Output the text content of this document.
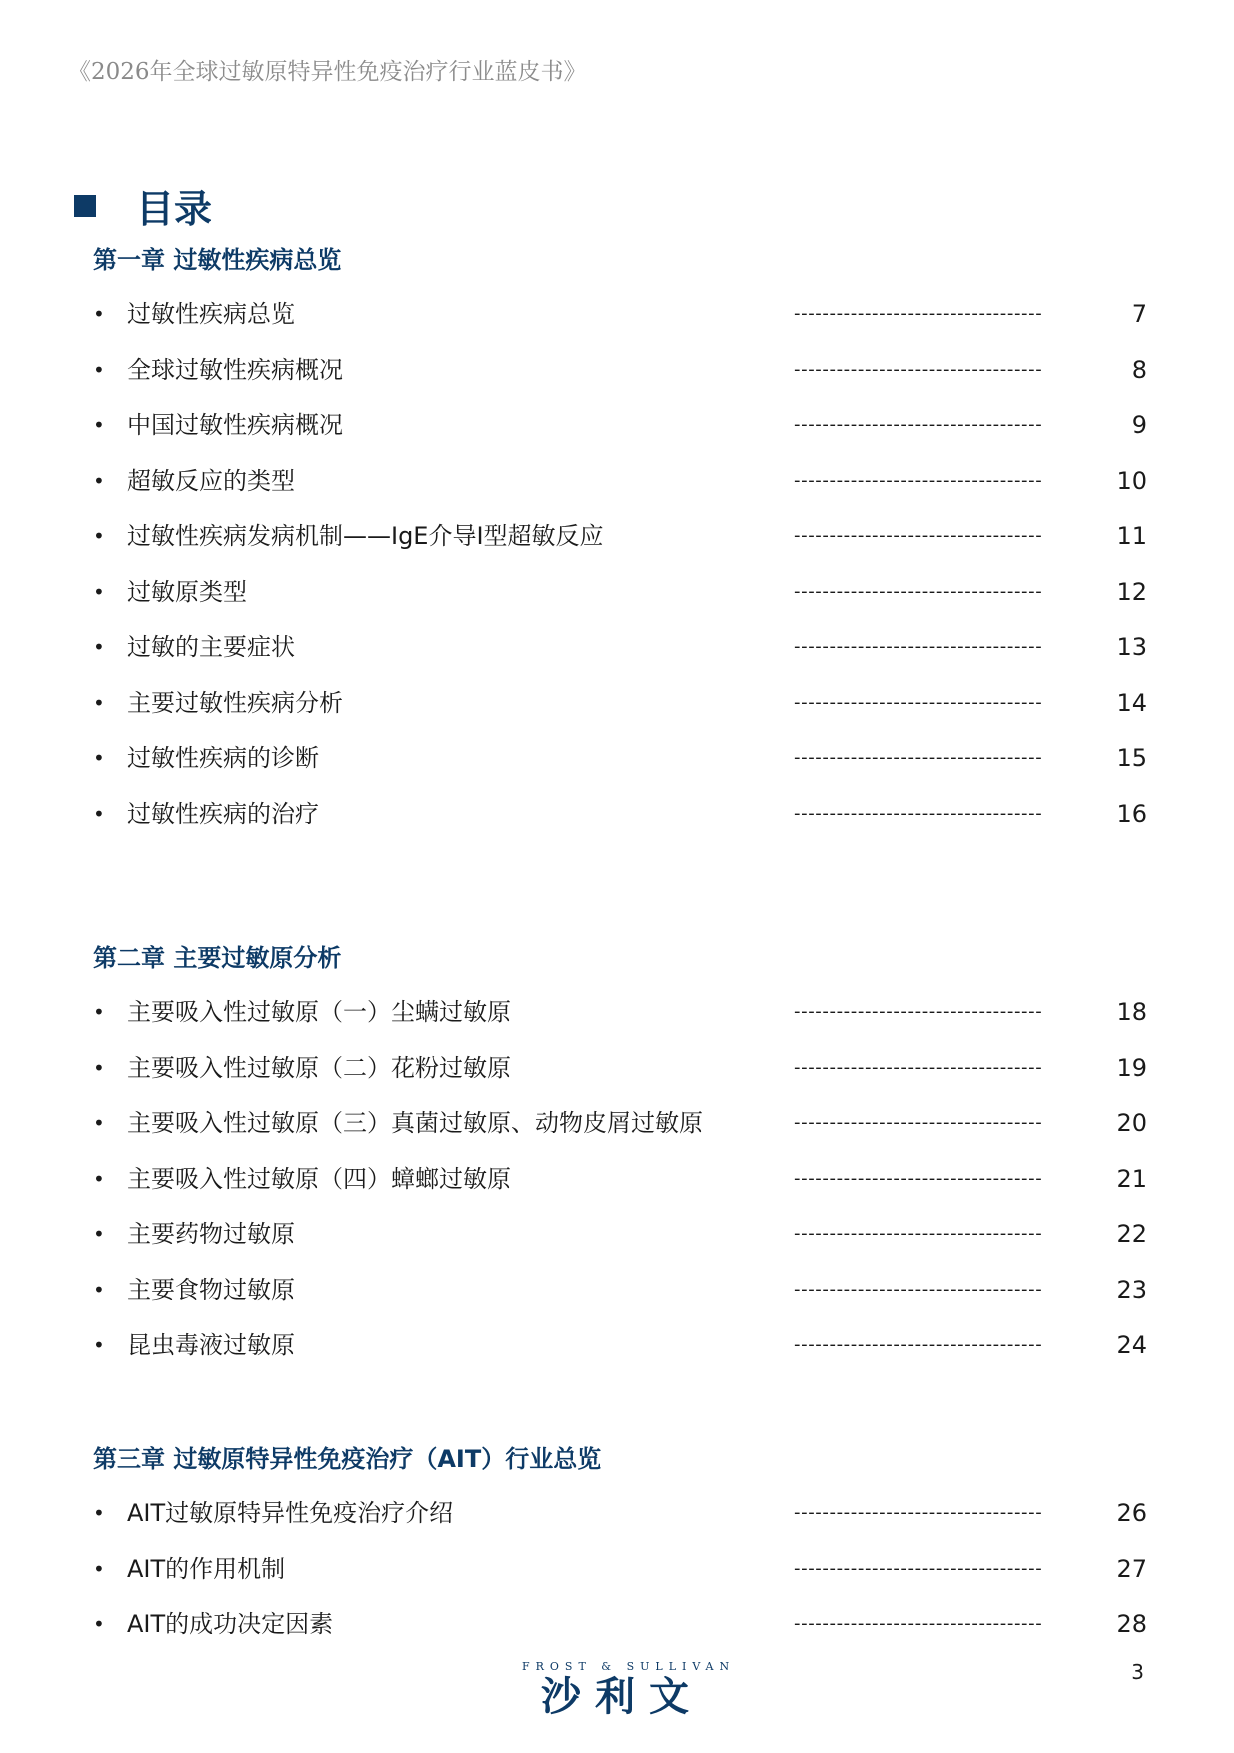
《2026年全球过敏原特异性免疫治疗行业蓝皮书》
目录
第一章 过敏性疾病总览
• 过敏性疾病总览	-----------------------------------	7
• 全球过敏性疾病概况	-----------------------------------	8
• 中国过敏性疾病概况	-----------------------------------	9
• 超敏反应的类型	-----------------------------------	10
• 过敏性疾病发病机制——IgE介导I型超敏反应	-----------------------------------	11
• 过敏原类型	-----------------------------------	12
• 过敏的主要症状	-----------------------------------	13
• 主要过敏性疾病分析	-----------------------------------	14
• 过敏性疾病的诊断	-----------------------------------	15
• 过敏性疾病的治疗	-----------------------------------	16
第二章 主要过敏原分析
• 主要吸入性过敏原（一）尘螨过敏原	-----------------------------------	18
• 主要吸入性过敏原（二）花粉过敏原	-----------------------------------	19
• 主要吸入性过敏原（三）真菌过敏原、动物皮屑过敏原	-----------------------------------	20
• 主要吸入性过敏原（四）蟑螂过敏原	-----------------------------------	21
• 主要药物过敏原	-----------------------------------	22
• 主要食物过敏原	-----------------------------------	23
• 昆虫毒液过敏原	-----------------------------------	24
第三章 过敏原特异性免疫治疗（AIT）行业总览
• AIT过敏原特异性免疫治疗介绍	-----------------------------------	26
• AIT的作用机制	-----------------------------------	27
• AIT的成功决定因素	-----------------------------------	28
FROST & SULLIVAN
沙利文
3
